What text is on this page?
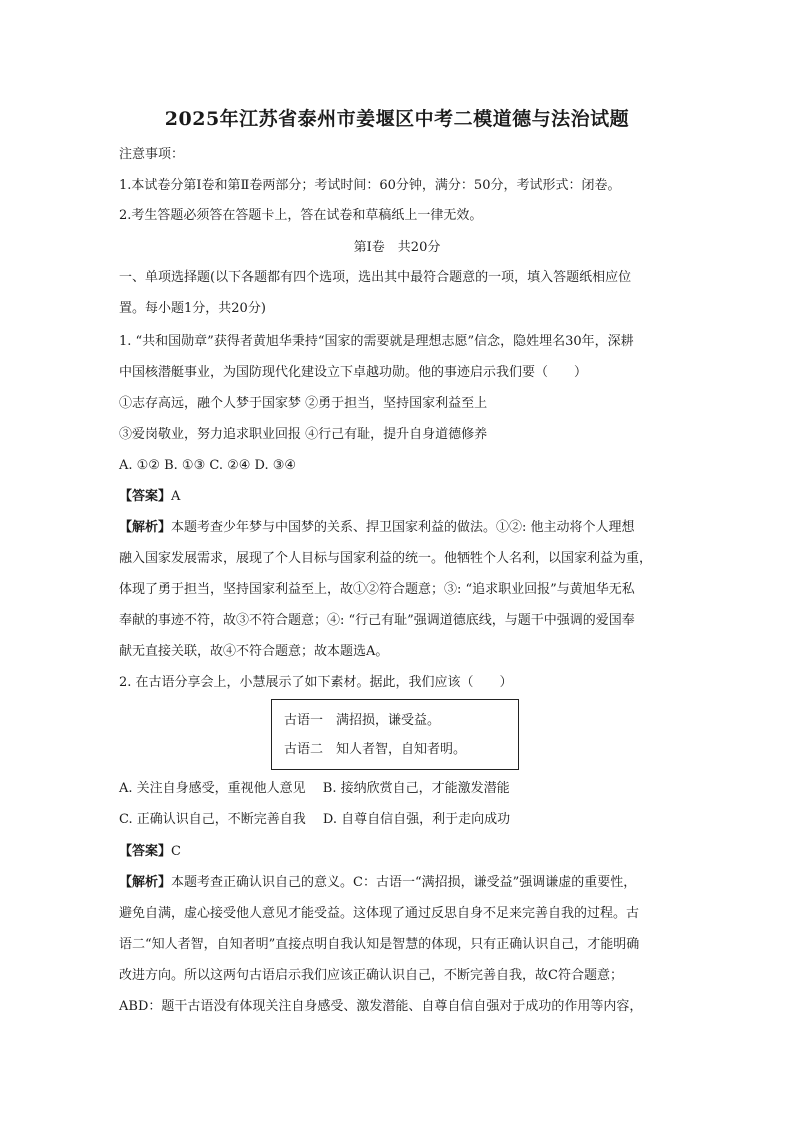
2025年江苏省泰州市姜堰区中考二模道德与法治试题
注意事项：
1.本试卷分第Ⅰ卷和第Ⅱ卷两部分；考试时间：60分钟，满分：50分，考试形式：闭卷。
2.考生答题必须答在答题卡上，答在试卷和草稿纸上一律无效。
第Ⅰ卷　共20分
一、单项选择题(以下各题都有四个选项，选出其中最符合题意的一项，填入答题纸相应位
置。每小题1分，共20分)
1. “共和国勋章”获得者黄旭华秉持“国家的需要就是理想志愿”信念，隐姓埋名30年，深耕
中国核潜艇事业，为国防现代化建设立下卓越功勋。他的事迹启示我们要（　　）
①志存高远，融个人梦于国家梦 ②勇于担当，坚持国家利益至上
③爱岗敬业，努力追求职业回报 ④行己有耻，提升自身道德修养
A. ①② B. ①③ C. ②④ D. ③④
【答案】A
【解析】本题考查少年梦与中国梦的关系、捍卫国家利益的做法。①②: 他主动将个人理想
融入国家发展需求，展现了个人目标与国家利益的统一。他牺牲个人名利，以国家利益为重，
体现了勇于担当，坚持国家利益至上，故①②符合题意；③: “追求职业回报”与黄旭华无私
奉献的事迹不符，故③不符合题意；④: “行己有耻”强调道德底线，与题干中强调的爱国奉
献无直接关联，故④不符合题意；故本题选A。
2. 在古语分享会上，小慧展示了如下素材。据此，我们应该（　　）
古语一　满招损，谦受益。
古语二　知人者智，自知者明。
A. 关注自身感受，重视他人意见　 B. 接纳欣赏自己，才能激发潜能
C. 正确认识自己，不断完善自我　 D. 自尊自信自强，利于走向成功
【答案】C
【解析】本题考查正确认识自己的意义。C：古语一“满招损，谦受益”强调谦虚的重要性，
避免自满，虚心接受他人意见才能受益。这体现了通过反思自身不足来完善自我的过程。古
语二“知人者智，自知者明”直接点明自我认知是智慧的体现，只有正确认识自己，才能明确
改进方向。所以这两句古语启示我们应该正确认识自己，不断完善自我，故C符合题意；
ABD：题干古语没有体现关注自身感受、激发潜能、自尊自信自强对于成功的作用等内容，
